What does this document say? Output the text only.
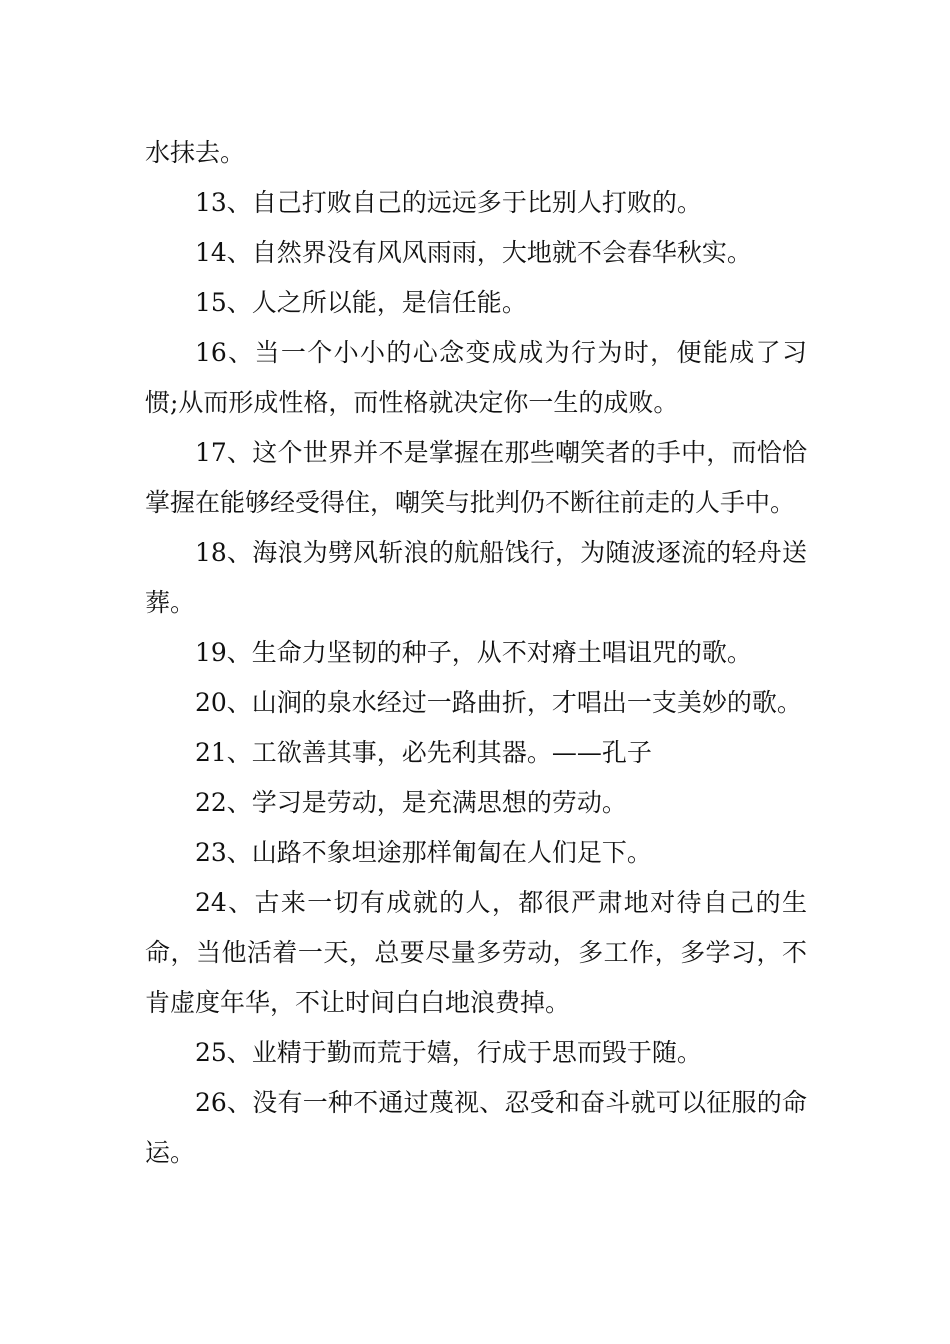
水抹去。

13、自己打败自己的远远多于比别人打败的。

14、自然界没有风风雨雨，大地就不会春华秋实。

15、人之所以能，是信任能。

16、当一个小小的心念变成成为行为时，便能成了习惯;从而形成性格，而性格就决定你一生的成败。

17、这个世界并不是掌握在那些嘲笑者的手中，而恰恰掌握在能够经受得住，嘲笑与批判仍不断往前走的人手中。

18、海浪为劈风斩浪的航船饯行，为随波逐流的轻舟送葬。

19、生命力坚韧的种子，从不对瘠土唱诅咒的歌。

20、山涧的泉水经过一路曲折，才唱出一支美妙的歌。

21、工欲善其事，必先利其器。——孔子

22、学习是劳动，是充满思想的劳动。

23、山路不象坦途那样匍匐在人们足下。

24、古来一切有成就的人，都很严肃地对待自己的生命，当他活着一天，总要尽量多劳动，多工作，多学习，不肯虚度年华，不让时间白白地浪费掉。

25、业精于勤而荒于嬉，行成于思而毁于随。

26、没有一种不通过蔑视、忍受和奋斗就可以征服的命运。
